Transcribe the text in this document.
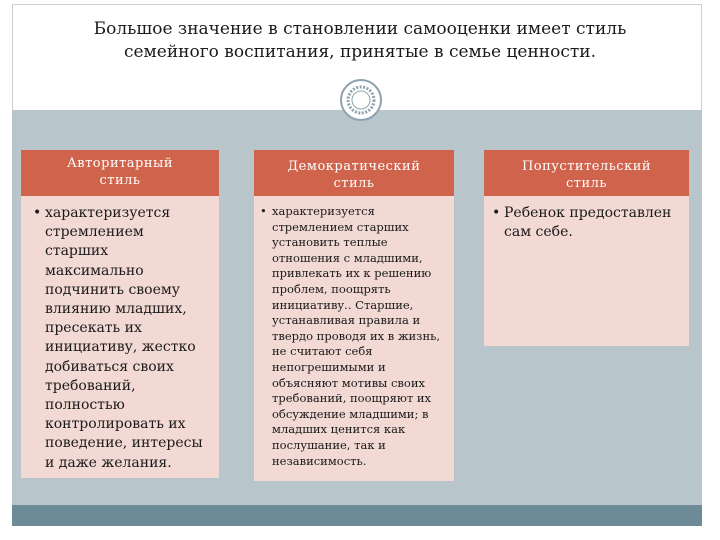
Большое значение в становлении самооценки имеет стиль
семейного воспитания, принятые в семье ценности.
Авторитарный
стиль
• характеризуется стремлением старших максимально подчинить своему влиянию младших, пресекать их инициативу, жестко добиваться своих требований, полностью контролировать их поведение, интересы и даже желания.
Демократический
стиль
• характеризуется стремлением старших установить теплые отношения с младшими, привлекать их к решению проблем, поощрять инициативу.. Старшие, устанавливая правила и твердо проводя их в жизнь, не считают себя непогрешимыми и объясняют мотивы своих требований, поощряют их обсуждение младшими; в младших ценится как послушание, так и независимость.
Попустительский
стиль
• Ребенок предоставлен сам себе.
